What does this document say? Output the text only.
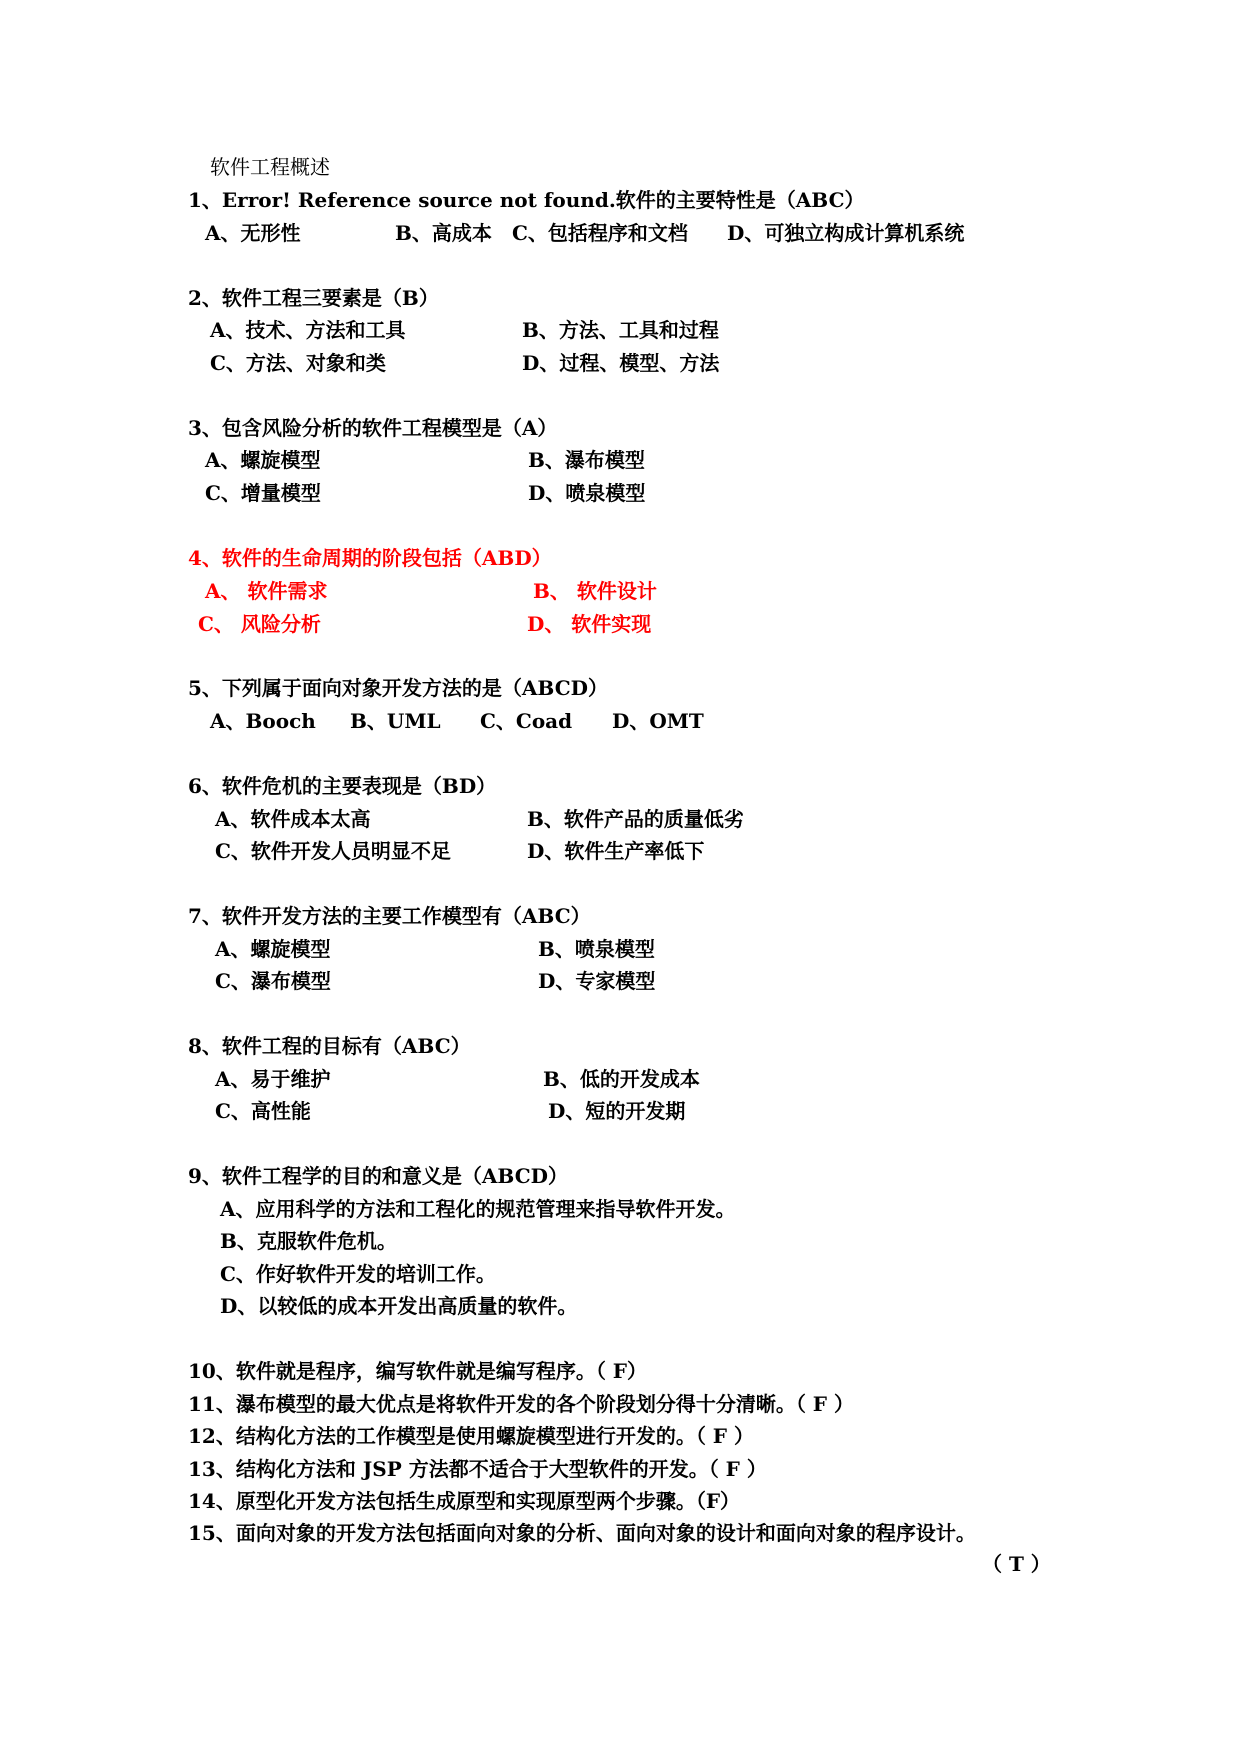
软件工程概述
1、Error! Reference source not found.软件的主要特性是（ABC）
A、无形性	B、高成本 C、包括程序和文档 D、可独立构成计算机系统
2、软件工程三要素是（B）
A、技术、方法和工具	B、方法、工具和过程
C、方法、对象和类	D、过程、模型、方法
3、包含风险分析的软件工程模型是（A）
A、螺旋模型	B、瀑布模型
C、增量模型	D、喷泉模型
4、软件的生命周期的阶段包括（ABD）
A、 软件需求	B、 软件设计
C、 风险分析	D、 软件实现
5、下列属于面向对象开发方法的是（ABCD）
A、Booch B、UML C、Coad D、OMT
6、软件危机的主要表现是（BD）
A、软件成本太高	B、软件产品的质量低劣
C、软件开发人员明显不足	D、软件生产率低下
7、软件开发方法的主要工作模型有（ABC）
A、螺旋模型	B、喷泉模型
C、瀑布模型	D、专家模型
8、软件工程的目标有（ABC）
A、易于维护	B、低的开发成本
C、高性能	D、短的开发期
9、软件工程学的目的和意义是（ABCD）
A、应用科学的方法和工程化的规范管理来指导软件开发。
B、克服软件危机。
C、作好软件开发的培训工作。
D、以较低的成本开发出高质量的软件。
10、软件就是程序，编写软件就是编写程序。（ F）
11、瀑布模型的最大优点是将软件开发的各个阶段划分得十分清晰。（ F ）
12、结构化方法的工作模型是使用螺旋模型进行开发的。（ F ）
13、结构化方法和 JSP 方法都不适合于大型软件的开发。（ F ）
14、原型化开发方法包括生成原型和实现原型两个步骤。（F）
15、面向对象的开发方法包括面向对象的分析、面向对象的设计和面向对象的程序设计。
（ T ）
